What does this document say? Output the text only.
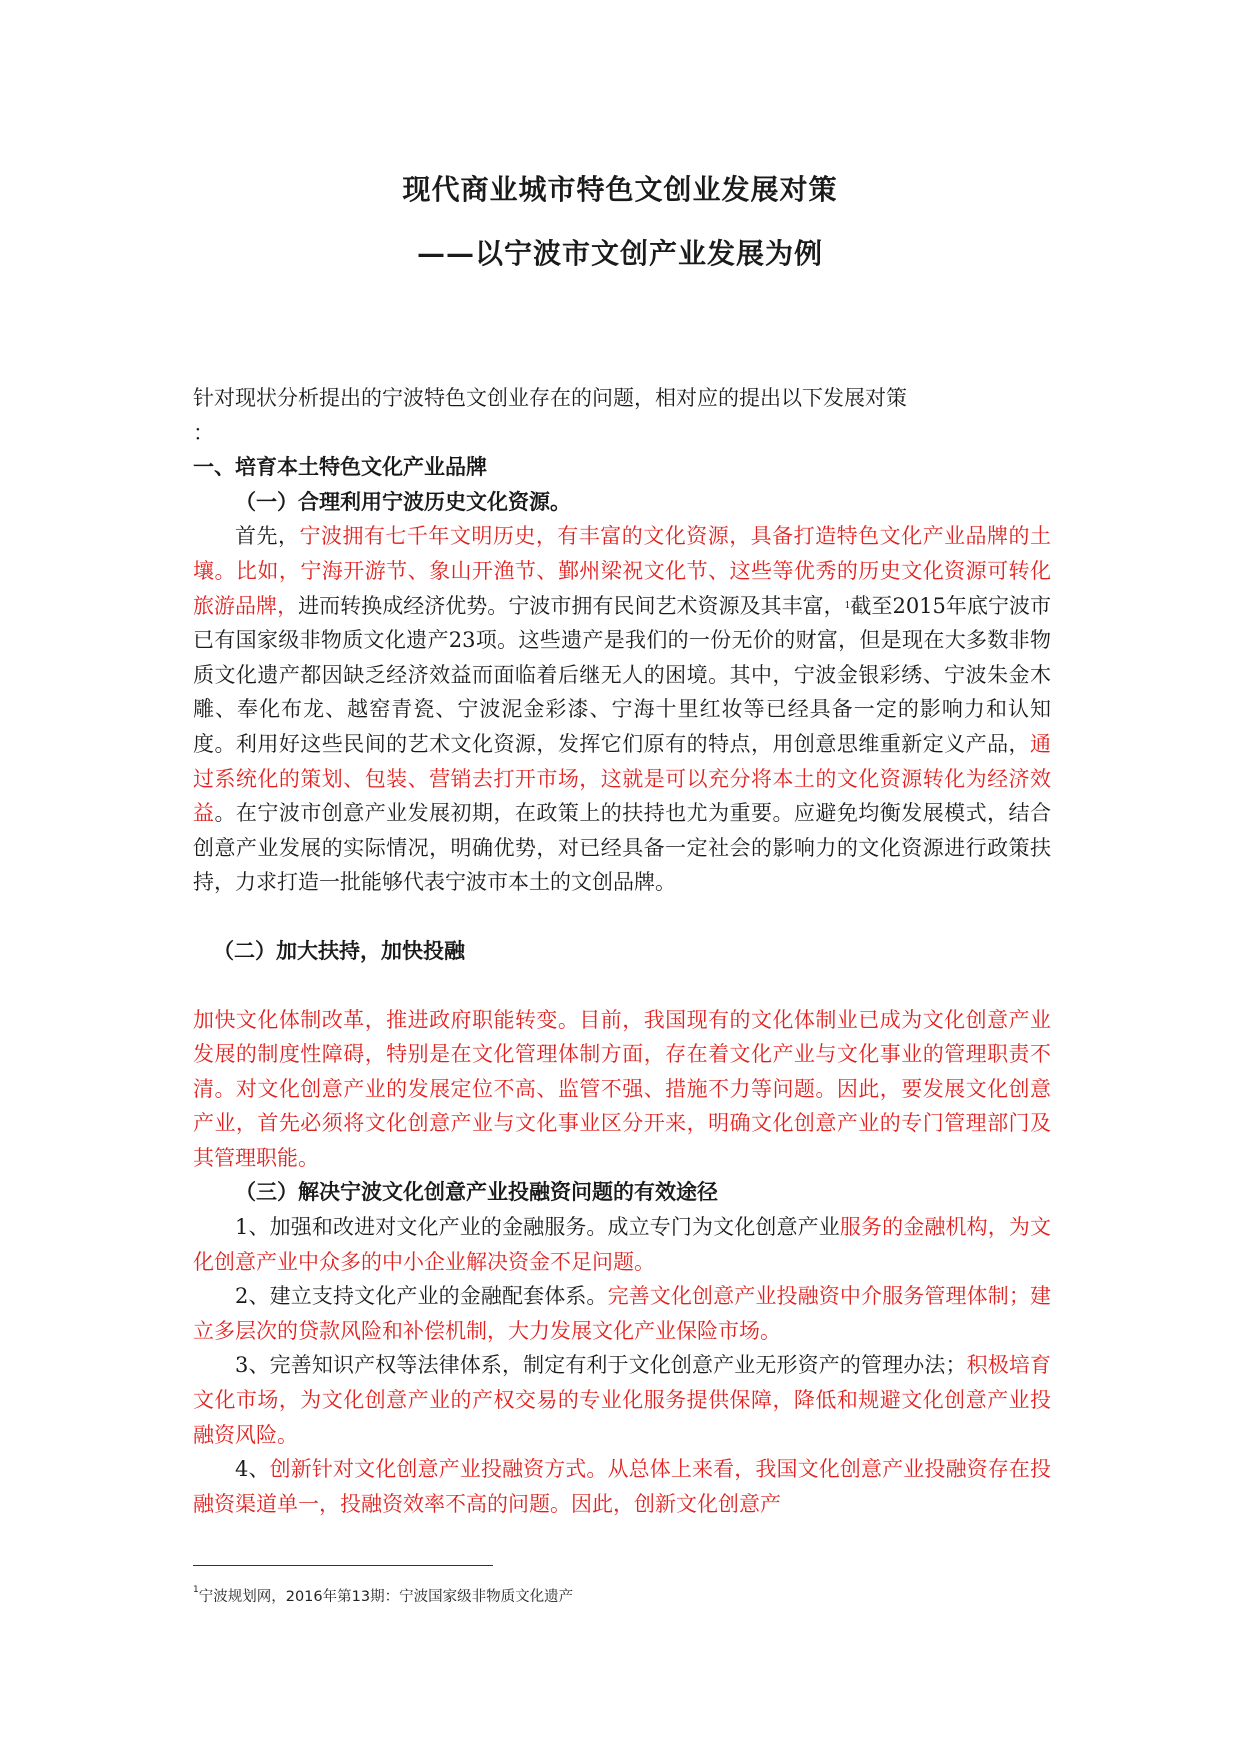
现代商业城市特色文创业发展对策
——以宁波市文创产业发展为例

针对现状分析提出的宁波特色文创业存在的问题，相对应的提出以下发展对策
：

一、培育本土特色文化产业品牌

（一）合理利用宁波历史文化资源。

首先，宁波拥有七千年文明历史，有丰富的文化资源，具备打造特色文化产业品牌的土壤。比如，宁海开游节、象山开渔节、鄞州梁祝文化节、这些等优秀的历史文化资源可转化旅游品牌，进而转换成经济优势。宁波市拥有民间艺术资源及其丰富，$^1$截至2015年底宁波市已有国家级非物质文化遗产23项。这些遗产是我们的一份无价的财富，但是现在大多数非物质文化遗产都因缺乏经济效益而面临着后继无人的困境。其中，宁波金银彩绣、宁波朱金木雕、奉化布龙、越窑青瓷、宁波泥金彩漆、宁海十里红妆等已经具备一定的影响力和认知度。利用好这些民间的艺术文化资源，发挥它们原有的特点，用创意思维重新定义产品，通过系统化的策划、包装、营销去打开市场，这就是可以充分将本土的文化资源转化为经济效益。在宁波市创意产业发展初期，在政策上的扶持也尤为重要。应避免均衡发展模式，结合创意产业发展的实际情况，明确优势，对已经具备一定社会的影响力的文化资源进行政策扶持，力求打造一批能够代表宁波市本土的文创品牌。

（二）加大扶持，加快投融

加快文化体制改革，推进政府职能转变。目前，我国现有的文化体制业已成为文化创意产业发展的制度性障碍，特别是在文化管理体制方面，存在着文化产业与文化事业的管理职责不清。对文化创意产业的发展定位不高、监管不强、措施不力等问题。因此，要发展文化创意产业，首先必须将文化创意产业与文化事业区分开来，明确文化创意产业的专门管理部门及其管理职能。

（三）解决宁波文化创意产业投融资问题的有效途径

1、加强和改进对文化产业的金融服务。成立专门为文化创意产业服务的金融机构，为文化创意产业中众多的中小企业解决资金不足问题。

2、建立支持文化产业的金融配套体系。完善文化创意产业投融资中介服务管理体制；建立多层次的贷款风险和补偿机制，大力发展文化产业保险市场。

3、完善知识产权等法律体系，制定有利于文化创意产业无形资产的管理办法；积极培育文化市场，为文化创意产业的产权交易的专业化服务提供保障，降低和规避文化创意产业投融资风险。

4、创新针对文化创意产业投融资方式。从总体上来看，我国文化创意产业投融资存在投融资渠道单一，投融资效率不高的问题。因此，创新文化创意产

$^1$宁波规划网，2016年第13期：宁波国家级非物质文化遗产
